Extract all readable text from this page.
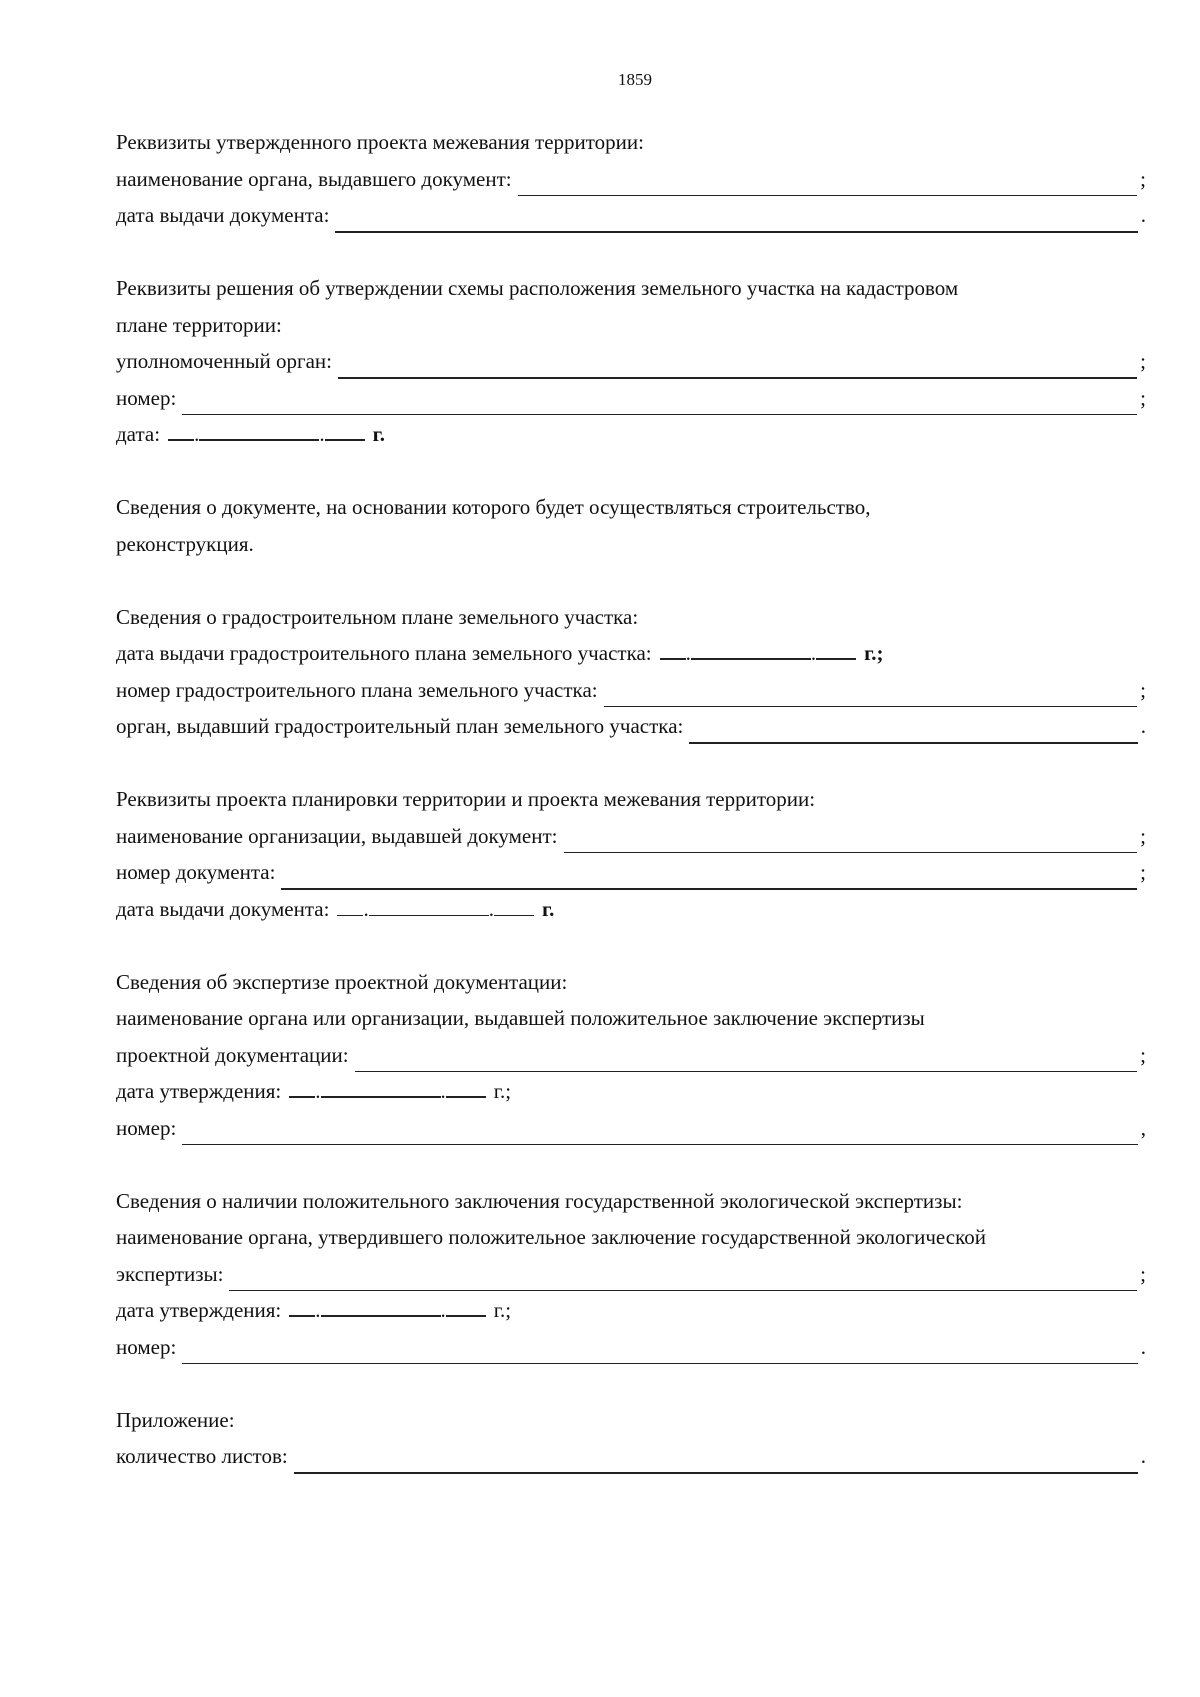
1859
Реквизиты утвержденного проекта межевания территории:
наименование органа, выдавшего документ:	;
дата выдачи документа:	.
Реквизиты решения об утверждении схемы расположения земельного участка на кадастровом
плане территории:
уполномоченный орган:	;
номер:	;
дата: .	. г.
Сведения о документе, на основании которого будет осуществляться строительство,
реконструкция.
Сведения о градостроительном плане земельного участка:
дата выдачи градостроительного плана земельного участка: .	. г.;
номер градостроительного плана земельного участка:	;
орган, выдавший градостроительный план земельного участка:	.
Реквизиты проекта планировки территории и проекта межевания территории:
наименование организации, выдавшей документ:	;
номер документа:	;
дата выдачи документа: .	. г.
Сведения об экспертизе проектной документации:
наименование органа или организации, выдавшей положительное заключение экспертизы
проектной документации:	;
дата утверждения: .	. г.;
номер:	,
Сведения о наличии положительного заключения государственной экологической экспертизы:
наименование органа, утвердившего положительное заключение государственной экологической
экспертизы:	;
дата утверждения: .	. г.;
номер:	.
Приложение:
количество листов:	.
